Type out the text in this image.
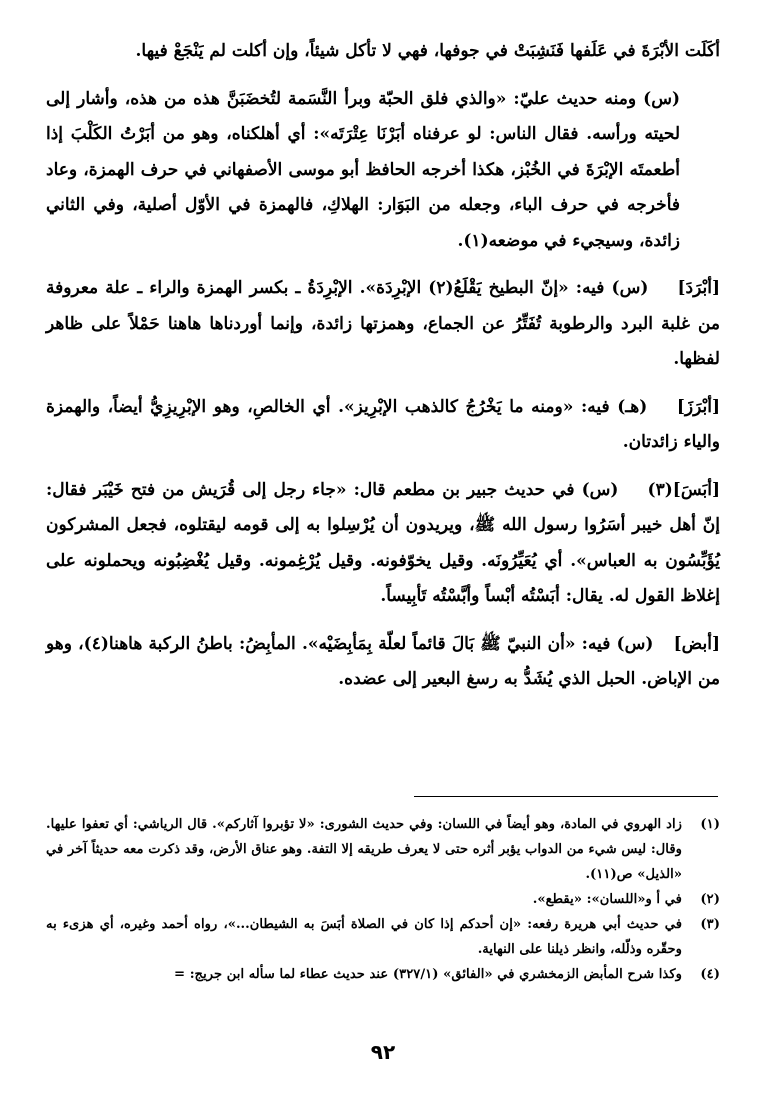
أكَلَت الأبْرَةَ في عَلَفها فَنَشِبَتْ في جوفها، فهي لا تأكل شيئاً، وإن أكلت لم يَنْجَعْ فيها.

(س) ومنه حديث عليّ: «والذي فلق الحبّة وبرأ النَّسَمة لتُخضَبَنَّ هذه من هذه، وأشار إلى لحيته ورأسه. فقال الناس: لو عرفناه أبَرْنَا عِتْرَتَه»: أي أهلكناه، وهو من أبَرْتُ الكَلْبَ إذا أطعمتَه الإبْرَةَ في الخُبْز، هكذا أخرجه الحافظ أبو موسى الأصفهاني في حرف الهمزة، وعاد فأخرجه في حرف الباء، وجعله من البَوَار: الهلاكِ، فالهمزة في الأوّل أصلية، وفي الثاني زائدة، وسيجيء في موضعه(١).

[أبْرَدَ] (س) فيه: «إنّ البطيخ يَقْلَعُ(٢) الإبْرِدَة». الإبْرِدَةُ ـ بكسر الهمزة والراء ـ علة معروفة من غلبة البرد والرطوبة تُفَتِّرُ عن الجماع، وهمزتها زائدة، وإنما أوردناها هاهنا حَمْلاً على ظاهر لفظها.

[أبْرَزَ] (هـ) فيه: «ومنه ما يَخْرُجُ كالذهب الإبْرِيز». أي الخالصِ، وهو الإبْرِيزِيُّ أيضاً، والهمزة والياء زائدتان.

[أبَسَ](٣) (س) في حديث جبير بن مطعم قال: «جاء رجل إلى قُرَيش من فتح خَيْبَر فقال: إنّ أهل خيبر أسَرُوا رسول الله ﷺ، ويريدون أن يُرْسِلوا به إلى قومه ليقتلوه، فجعل المشركون يُؤَبِّسُون به العباس». أي يُعَيِّرُونَه. وقيل يخوّفونه. وقيل يُرْغِمونه. وقيل يُغْضِبُونه ويحملونه على إغلاظ القول له. يقال: أبَسْتُه أبْساً وأبَّسْتُه تَأبِيساً.

[أبض] (س) فيه: «أن النبيّ ﷺ بَالَ قائماً لعلّة بِمَأبِضَيْه». المأبِضُ: باطنُ الركبة هاهنا(٤)، وهو من الإباض. الحبل الذي يُشَدُّ به رسغ البعير إلى عضده.

(١)

زاد الهروي في المادة، وهو أيضاً في اللسان: وفي حديث الشورى: «لا تؤبروا آثاركم». قال الرياشي: أي تعفوا عليها. وقال: ليس شيء من الدواب يؤبر أثره حتى لا يعرف طريقه إلا التفة. وهو عناق الأرض، وقد ذكرت معه حديثاً آخر في «الذيل» ص(١١).

(٢)

في أ و«اللسان»: «يقطع».

(٣)

في حديث أبي هريرة رفعه: «إن أحدكم إذا كان في الصلاة أبَسَ به الشيطان...»، رواه أحمد وغيره، أي هزىء به وحقّره وذلّله، وانظر ذيلنا على النهاية.

(٤)

وكذا شرح المأبض الزمخشري في «الفائق» (٣٢٧/١) عند حديث عطاء لما سأله ابن جريج: =

٩٢
